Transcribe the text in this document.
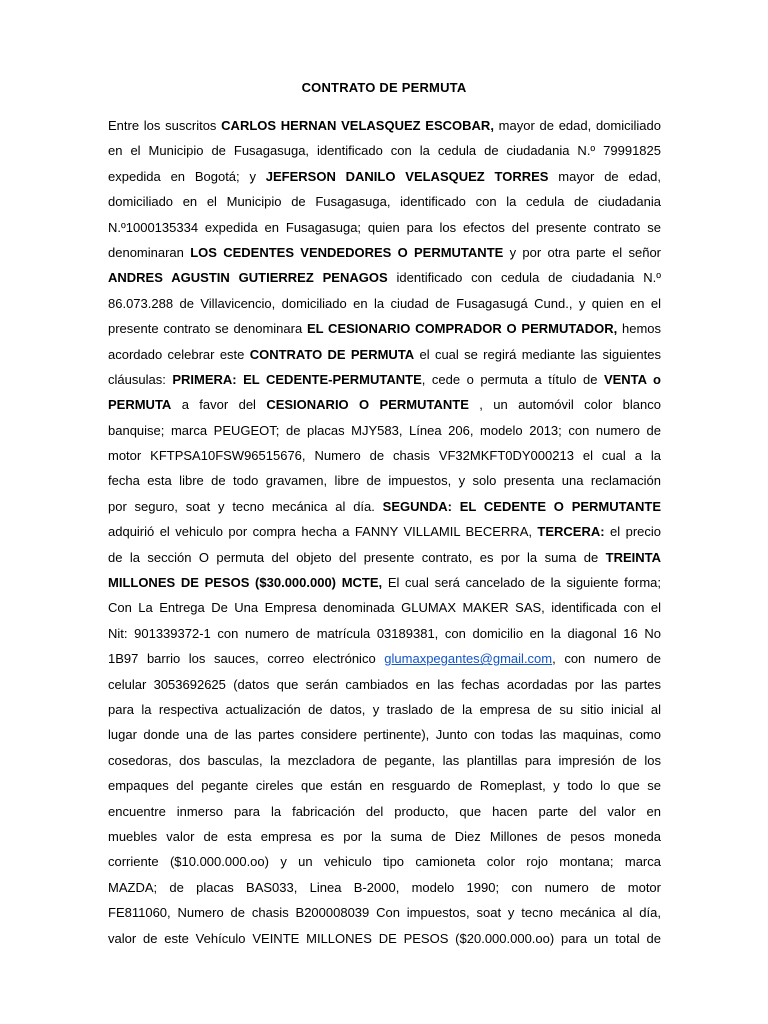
CONTRATO DE PERMUTA
Entre los suscritos CARLOS HERNAN VELASQUEZ ESCOBAR, mayor de edad, domiciliado
en el Municipio de Fusagasuga, identificado con la cedula de ciudadania N.º 79991825
expedida en Bogotá; y JEFERSON DANILO VELASQUEZ TORRES mayor de edad,
domiciliado en el Municipio de Fusagasuga, identificado con la cedula de ciudadania
N.º1000135334 expedida en Fusagasuga; quien para los efectos del presente contrato se
denominaran LOS CEDENTES VENDEDORES O PERMUTANTE y por otra parte el señor
ANDRES AGUSTIN GUTIERREZ PENAGOS identificado con cedula de ciudadania N.º
86.073.288 de Villavicencio, domiciliado en la ciudad de Fusagasugá Cund., y quien en el
presente contrato se denominara EL CESIONARIO COMPRADOR O PERMUTADOR, hemos
acordado celebrar este CONTRATO DE PERMUTA el cual se regirá mediante las siguientes
cláusulas: PRIMERA: EL CEDENTE-PERMUTANTE, cede o permuta a título de VENTA o
PERMUTA a favor del CESIONARIO O PERMUTANTE , un automóvil color blanco
banquise; marca PEUGEOT; de placas MJY583, Línea 206, modelo 2013; con numero de
motor KFTPSA10FSW96515676, Numero de chasis VF32MKFT0DY000213 el cual a la
fecha esta libre de todo gravamen, libre de impuestos, y solo presenta una reclamación
por seguro, soat y tecno mecánica al día. SEGUNDA: EL CEDENTE O PERMUTANTE
adquirió el vehiculo por compra hecha a FANNY VILLAMIL BECERRA, TERCERA: el precio
de la sección O permuta del objeto del presente contrato, es por la suma de TREINTA
MILLONES DE PESOS ($30.000.000) MCTE, El cual será cancelado de la siguiente forma;
Con La Entrega De Una Empresa denominada GLUMAX MAKER SAS, identificada con el
Nit: 901339372-1 con numero de matrícula 03189381, con domicilio en la diagonal 16 No
1B97 barrio los sauces, correo electrónico glumaxpegantes@gmail.com, con numero de
celular 3053692625 (datos que serán cambiados en las fechas acordadas por las partes
para la respectiva actualización de datos, y traslado de la empresa de su sitio inicial al
lugar donde una de las partes considere pertinente), Junto con todas las maquinas, como
cosedoras, dos basculas, la mezcladora de pegante, las plantillas para impresión de los
empaques del pegante cireles que están en resguardo de Romeplast, y todo lo que se
encuentre inmerso para la fabricación del producto, que hacen parte del valor en
muebles valor de esta empresa es por la suma de Diez Millones de pesos moneda
corriente ($10.000.000.oo) y un vehiculo tipo camioneta color rojo montana; marca
MAZDA; de placas BAS033, Linea B-2000, modelo 1990; con numero de motor
FE811060, Numero de chasis B200008039 Con impuestos, soat y tecno mecánica al día,
valor de este Vehículo VEINTE MILLONES DE PESOS ($20.000.000.oo) para un total de
